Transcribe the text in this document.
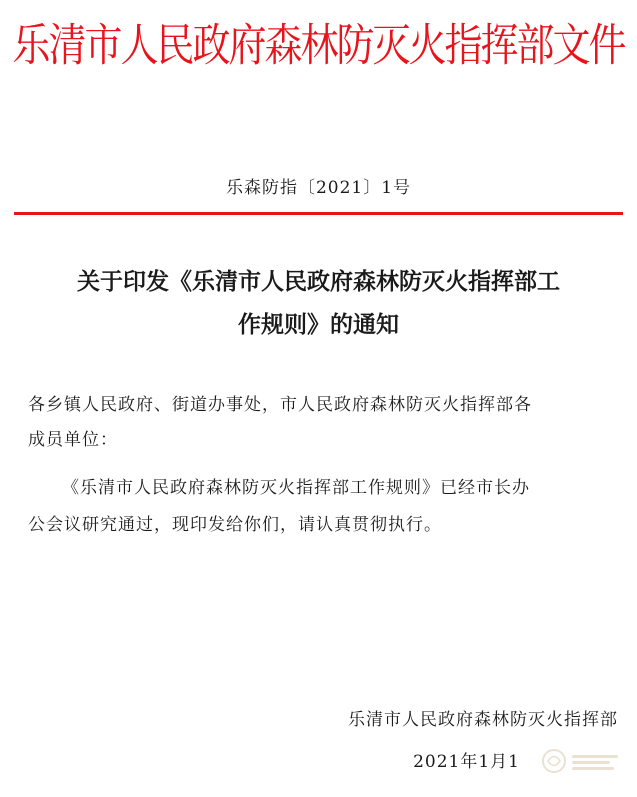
乐清市人民政府森林防灭火指挥部文件
乐森防指〔2021〕1号
关于印发《乐清市人民政府森林防灭火指挥部工
作规则》的通知
各乡镇人民政府、街道办事处，市人民政府森林防灭火指挥部各
成员单位：
《乐清市人民政府森林防灭火指挥部工作规则》已经市长办
公会议研究通过，现印发给你们，请认真贯彻执行。
乐清市人民政府森林防灭火指挥部
2021年1月1
